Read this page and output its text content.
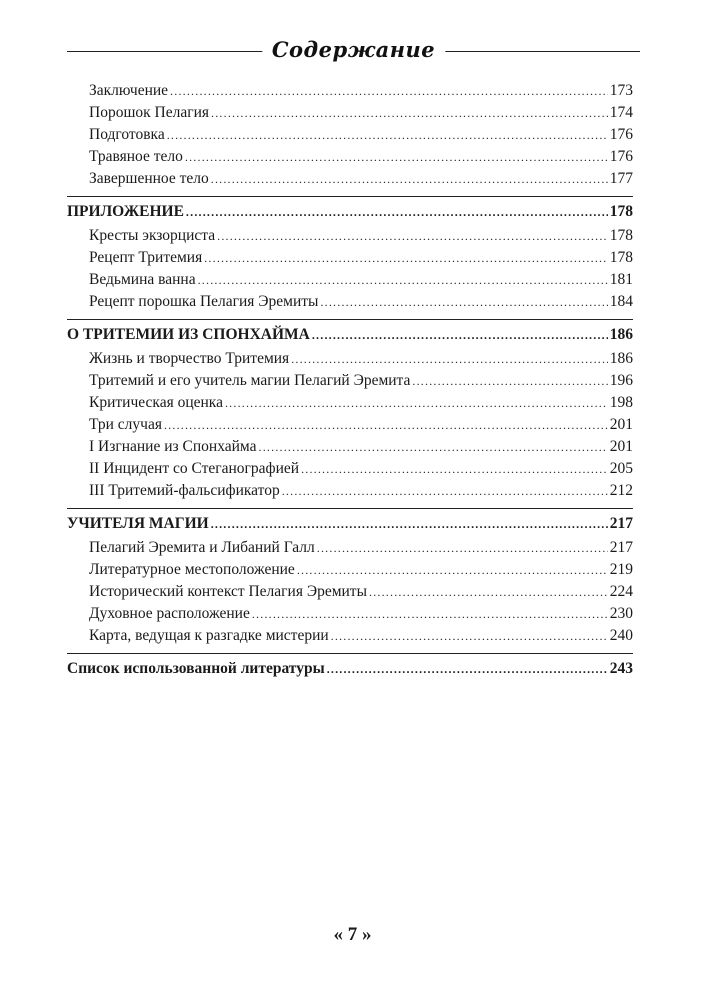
Содержание
Заключение .....	173
Порошок Пелагия .....	174
Подготовка .....	176
Травяное тело .....	176
Завершенное тело .....	177
ПРИЛОЖЕНИЕ .....	178
Кресты экзорциста .....	178
Рецепт Тритемия .....	178
Ведьмина ванна .....	181
Рецепт порошка Пелагия Эремиты .....	184
О ТРИТЕМИИ ИЗ СПОНХАЙМА .....	186
Жизнь и творчество Тритемия .....	186
Тритемий и его учитель магии Пелагий Эремита .....	196
Критическая оценка .....	198
Три случая .....	201
I Изгнание из Спонхайма .....	201
II Инцидент со Стеганографией .....	205
III Тритемий-фальсификатор .....	212
УЧИТЕЛЯ МАГИИ .....	217
Пелагий Эремита и Либаний Галл .....	217
Литературное местоположение .....	219
Исторический контекст Пелагия Эремиты .....	224
Духовное расположение .....	230
Карта, ведущая к разгадке мистерии .....	240
Список использованной литературы .....	243
« 7 »
